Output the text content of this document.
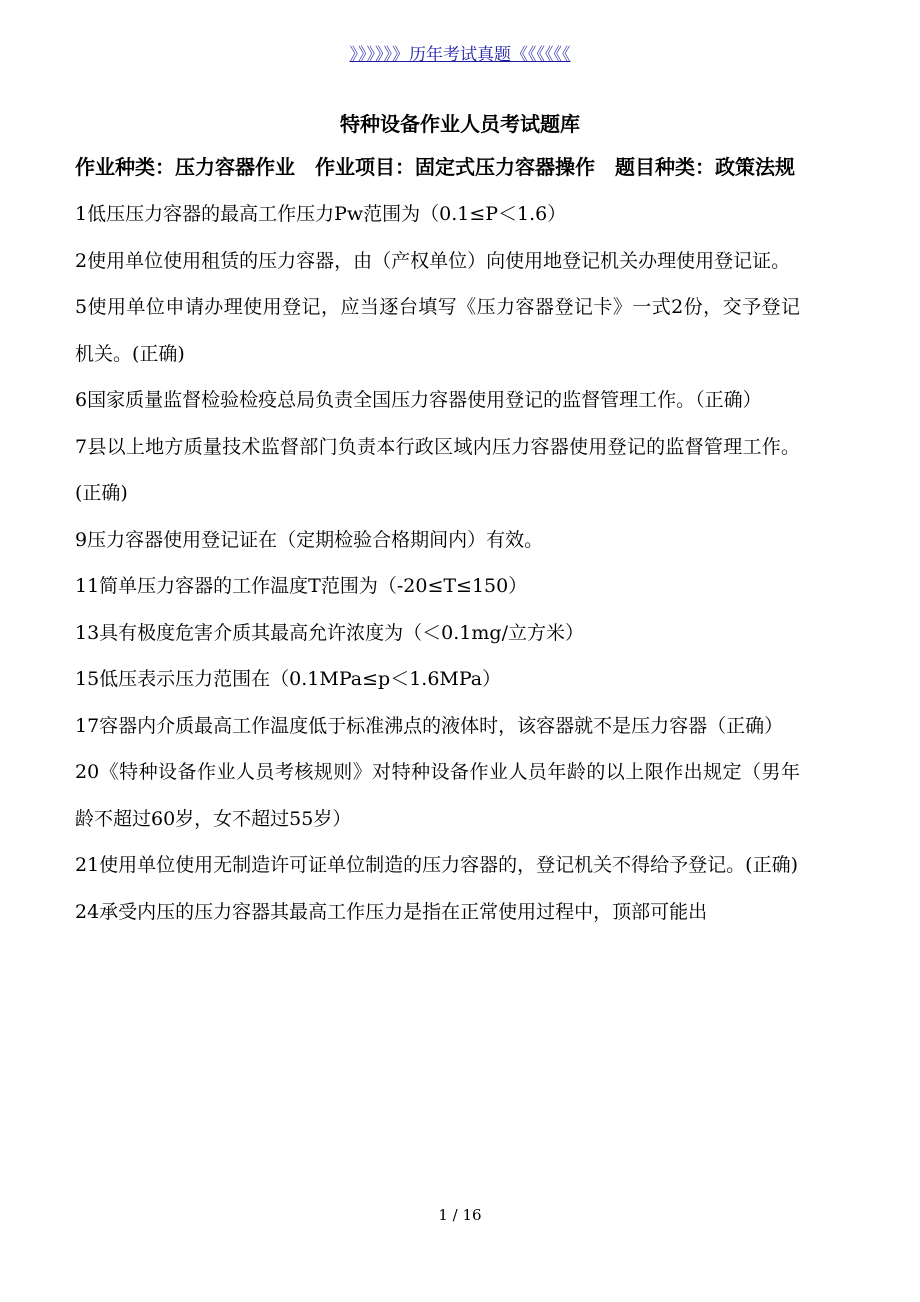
》》》》》》历年考试真题《《《《《《
特种设备作业人员考试题库

作业种类：压力容器作业　作业项目：固定式压力容器操作　题目种类：政策法规

1低压压力容器的最高工作压力Pw范围为（0.1≤P＜1.6）

2使用单位使用租赁的压力容器，由（产权单位）向使用地登记机关办理使用登记证。

5使用单位申请办理使用登记，应当逐台填写《压力容器登记卡》一式2份，交予登记机关。(正确)

6国家质量监督检验检疫总局负责全国压力容器使用登记的监督管理工作。（正确）

7县以上地方质量技术监督部门负责本行政区域内压力容器使用登记的监督管理工作。(正确)

9压力容器使用登记证在（定期检验合格期间内）有效。

11简单压力容器的工作温度T范围为（-20≤T≤150）

13具有极度危害介质其最高允许浓度为（＜0.1mg/立方米）

15低压表示压力范围在（0.1MPa≤p＜1.6MPa）

17容器内介质最高工作温度低于标准沸点的液体时，该容器就不是压力容器（正确）

20《特种设备作业人员考核规则》对特种设备作业人员年龄的以上限作出规定（男年龄不超过60岁，女不超过55岁）

21使用单位使用无制造许可证单位制造的压力容器的，登记机关不得给予登记。(正确)

24承受内压的压力容器其最高工作压力是指在正常使用过程中，顶部可能出

1 / 16
